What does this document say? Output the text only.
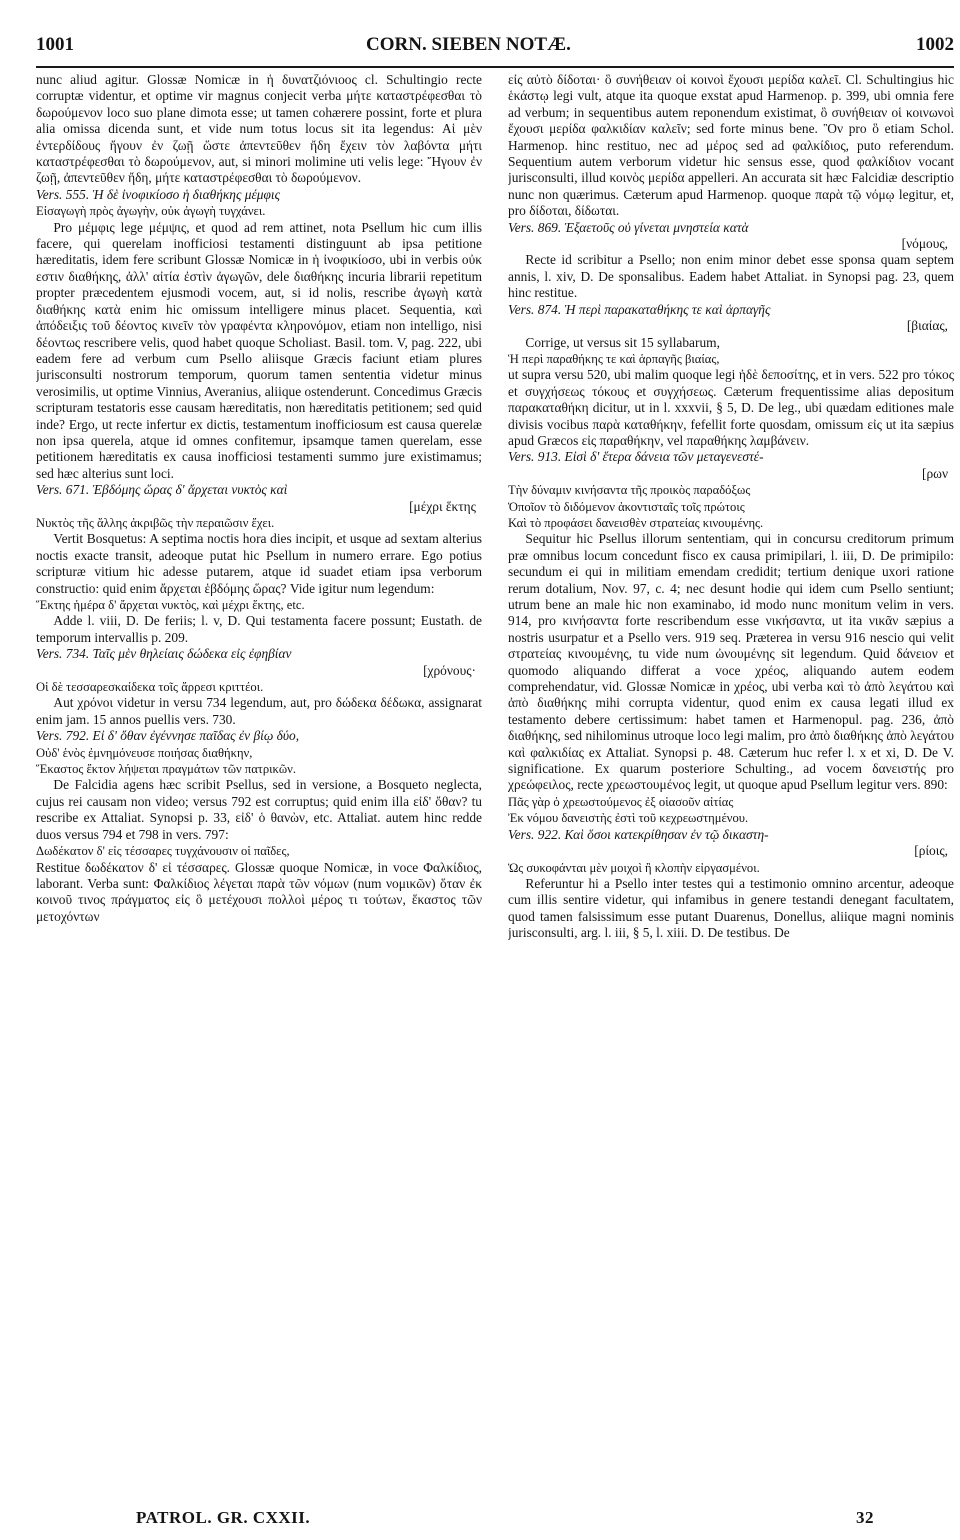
1001	CORN. SIEBEN NOTÆ.	1002

nunc aliud agitur. Glossæ Nomicæ in ἡ δυνατζιόνιοος cl. Schultingio recte corruptæ videntur, et optime vir magnus conjecit verba μήτε καταστρέφεσθαι τὸ δωρούμενον loco suo plane dimota esse; ut tamen cohærere possint, forte et plura alia omissa dicenda sunt, et vide num totus locus sit ita legendus: Αἱ μὲν ἐντερδίδους ἤγουν ἐν ζωῇ ὥστε ἀπεντεῦθεν ἤδη ἔχειν τὸν λαβόντα μήτι καταστρέφεσθαι τὸ δωρούμενον, aut, si minori molimine uti velis lege: Ἤγουν ἐν ζωῇ, ἀπεντεῦθεν ἤδη, μήτε καταστρέφεσθαι τὸ δωρούμενον.

Vers. 555. Ἡ δὲ ἰνοφικίοσο ἡ διαθήκης μέμφις

Εἰσαγωγὴ πρὸς ἀγωγὴν, οὐκ ἀγωγὴ τυγχάνει.

Pro μέμφις lege μέμψις, et quod ad rem attinet, nota Psellum hic cum illis facere, qui querelam inofficiosi testamenti distinguunt ab ipsa petitione hæreditatis, idem fere scribunt Glossæ Nomicæ in ἡ ἰνοφικίοσο, ubi in verbis οὐκ εστιν διαθήκης, ἀλλ' αἰτία ἐστὶν ἀγωγῶν, dele διαθήκης incuria librarii repetitum propter præcedentem ejusmodi vocem, aut, si id nolis, rescribe ἀγωγὴ κατὰ διαθήκης κατὰ enim hic omissum intelligere minus placet. Sequentia, καὶ ἀπόδειξις τοῦ δέοντος κινεῖν τὸν γραφέντα κληρονόμον, etiam non intelligo, nisi δέοντως rescribere velis, quod habet quoque Scholiast. Basil. tom. V, pag. 222, ubi eadem fere ad verbum cum Psello aliisque Græcis faciunt etiam plures jurisconsulti nostrorum temporum, quorum tamen sententia videtur minus verosimilis, ut optime Vinnius, Averanius, aliique ostenderunt. Concedimus Græcis scripturam testatoris esse causam hæreditatis, non hæreditatis petitionem; sed quid inde? Ergo, ut recte infertur ex dictis, testamentum inofficiosum est causa querelæ non ipsa querela, atque id omnes confitemur, ipsamque tamen querelam, esse petitionem hæreditatis ex causa inofficiosi testamenti summo jure existimamus; sed hæc alterius sunt loci.

Vers. 671. Ἑβδόμης ὥρας δ' ἄρχεται νυκτὸς καὶ

[μέχρι ἕκτης

Νυκτὸς τῆς ἄλλης ἀκριβῶς τὴν περαιῶσιν ἔχει.

Vertit Bosquetus: A septima noctis hora dies incipit, et usque ad sextam alterius noctis exacte transit, adeoque putat hic Psellum in numero errare. Ego potius scripturæ vitium hic adesse putarem, atque id suadet etiam ipsa verborum constructio: quid enim ἄρχεται ἑβδόμης ὥρας? Vide igitur num legendum:

Ἕκτης ἡμέρα δ' ἄρχεται νυκτὸς, καὶ μέχρι ἕκτης, etc.

Adde l. viii, D. De feriis; l. v, D. Qui testamenta facere possunt; Eustath. de temporum intervallis p. 209.

Vers. 734. Ταῖς μὲν θηλείαις δώδεκα εἰς ἐφηβίαν

[χρόνους·

Οἱ δὲ τεσσαρεσκαίδεκα τοῖς ἄρρεσι κριττέοι.

Aut χρόνοι videtur in versu 734 legendum, aut, pro δώδεκα δέδωκα, assignarat enim jam. 15 annos puellis vers. 730.

Vers. 792. Εἰ δ' ὄθαν ἐγέννησε παῖδας ἐν βίῳ δύο,

Οὐδ' ἑνὸς ἐμνημόνευσε ποιήσας διαθήκην,

Ἕκαστος ἔκτον λήψεται πραγμάτων τῶν πατρικῶν.

De Falcidia agens hæc scribit Psellus, sed in versione, a Bosqueto neglecta, cujus rei causam non video; versus 792 est corruptus; quid enim illa εἰδ' ὄθαν? tu rescribe ex Attaliat. Synopsi p. 33, εἰδ' ὁ θανὼν, etc. Attaliat. autem hinc redde duos versus 794 et 798 in vers. 797:

Δωδέκατον δ' εἰς τέσσαρες τυγχάνουσιν οἱ παῖδες,

Restitue δωδέκατον δ' εἰ τέσσαρες. Glossæ quoque Nomicæ, in voce Φαλκίδιος, laborant. Verba sunt: Φαλκίδιος λέγεται παρὰ τῶν νόμων (num νομικῶν) ὅταν ἐκ κοινοῦ τινος πράγματος εἰς ὃ μετέχουσι πολλοὶ μέρος τι τούτων, ἕκαστος τῶν μετοχόντων

εἰς αὐτὸ δίδοται· ὃ συνήθειαν οἱ κοινοὶ ἔχουσι μερίδα καλεῖ. Cl. Schultingius hic ἑκάστῳ legi vult, atque ita quoque exstat apud Harmenop. p. 399, ubi omnia fere ad verbum; in sequentibus autem reponendum existimat, ὃ συνήθειαν οἱ κοινωνοὶ ἔχουσι μερίδα φαλκιδίαν καλεῖν; sed forte minus bene. Ὃν pro ὃ etiam Schol. Harmenop. hinc restituo, nec ad μέρος sed ad φαλκίδιος, puto referendum. Sequentium autem verborum videtur hic sensus esse, quod φαλκίδιον vocant jurisconsulti, illud κοινὸς μερίδα appelleri. An accurata sit hæc Falcidiæ descriptio nunc non quærimus. Cæterum apud Harmenop. quoque παρὰ τῷ νόμῳ legitur, et, pro δίδοται, δίδωται.

Vers. 869. Ἑξαετοῦς οὐ γίνεται μνηστεία κατὰ

[νόμους,

Recte id scribitur a Psello; non enim minor debet esse sponsa quam septem annis, l. xiv, D. De sponsalibus. Eadem habet Attaliat. in Synopsi pag. 23, quem hinc restitue.

Vers. 874. Ἡ περὶ παρακαταθήκης τε καὶ ἁρπαγῆς

[βιαίας,

Corrige, ut versus sit 15 syllabarum,

Ἡ περὶ παραθήκης τε καὶ ἁρπαγῆς βιαίας,

ut supra versu 520, ubi malim quoque legi ἠδὲ δεποσίτης, et in vers. 522 pro τόκος et συγχήσεως τόκους et συγχήσεως. Cæterum frequentissime alias depositum παρακαταθήκη dicitur, ut in l. xxxvii, § 5, D. De leg., ubi quædam editiones male divisis vocibus παρὰ καταθήκην, fefellit forte quosdam, omissum εἰς ut ita sæpius apud Græcos εἰς παραθήκην, vel παραθήκης λαμβάνειν.

Vers. 913. Εἰσὶ δ' ἕτερα δάνεια τῶν μεταγενεστέ-

[ρων

Τὴν δύναμιν κινήσαντα τῆς προικὸς παραδόξως

Ὁποῖον τὸ διδόμενον ἀκοντισταῖς τοῖς πρώτοις

Καὶ τὸ προφάσει δανεισθὲν στρατείας κινουμένης.

Sequitur hic Psellus illorum sententiam, qui in concursu creditorum primum præ omnibus locum concedunt fisco ex causa primipilari, l. iii, D. De primipilo: secundum ei qui in militiam emendam credidit; tertium denique uxori ratione rerum dotalium, Nov. 97, c. 4; nec desunt hodie qui idem cum Psello sentiunt; utrum bene an male hic non examinabo, id modo nunc monitum velim in vers. 914, pro κινήσαντα forte rescribendum esse νικήσαντα, ut ita νικᾶν sæpius a nostris usurpatur et a Psello vers. 919 seq. Præterea in versu 916 nescio qui velit στρατείας κινουμένης, tu vide num ὠνουμένης sit legendum. Quid δάνειον et quomodo aliquando differat a voce χρέος, aliquando autem eodem comprehendatur, vid. Glossæ Nomicæ in χρέος, ubi verba καὶ τὸ ἀπὸ λεγάτου καὶ ἀπὸ διαθήκης mihi corrupta videntur, quod enim ex causa legati illud ex testamento debere certissimum: habet tamen et Harmenopul. pag. 236, ἀπὸ διαθήκης, sed nihilominus utroque loco legi malim, pro ἀπὸ διαθήκης ἀπὸ λεγάτου καὶ φαλκιδίας ex Attaliat. Synopsi p. 48. Cæterum huc refer l. x et xi, D. De V. significatione. Ex quarum posteriore Schulting., ad vocem δανειστής pro χρεώφειλος, recte χρεωστουμένος legit, ut quoque apud Psellum legitur vers. 890:

Πᾶς γὰρ ὁ χρεωστούμενος ἐξ οἱασοῦν αἰτίας

Ἐκ νόμου δανειστὴς ἐστὶ τοῦ κεχρεωστημένου.

Vers. 922. Καὶ ὅσοι κατεκρίθησαν ἐν τῷ δικαστη-

[ρίοις,

Ὡς συκοφάνται μὲν μοιχοὶ ἢ κλοπὴν εἰργασμένοι.

Referuntur hi a Psello inter testes qui a testimonio omnino arcentur, adeoque cum illis sentire videtur, qui infamibus in genere testandi denegant facultatem, quod tamen falsissimum esse putant Duarenus, Donellus, aliique magni nominis jurisconsulti, arg. l. iii, § 5, l. xiii. D. De testibus. De

PATROL. GR. CXXII.	32
